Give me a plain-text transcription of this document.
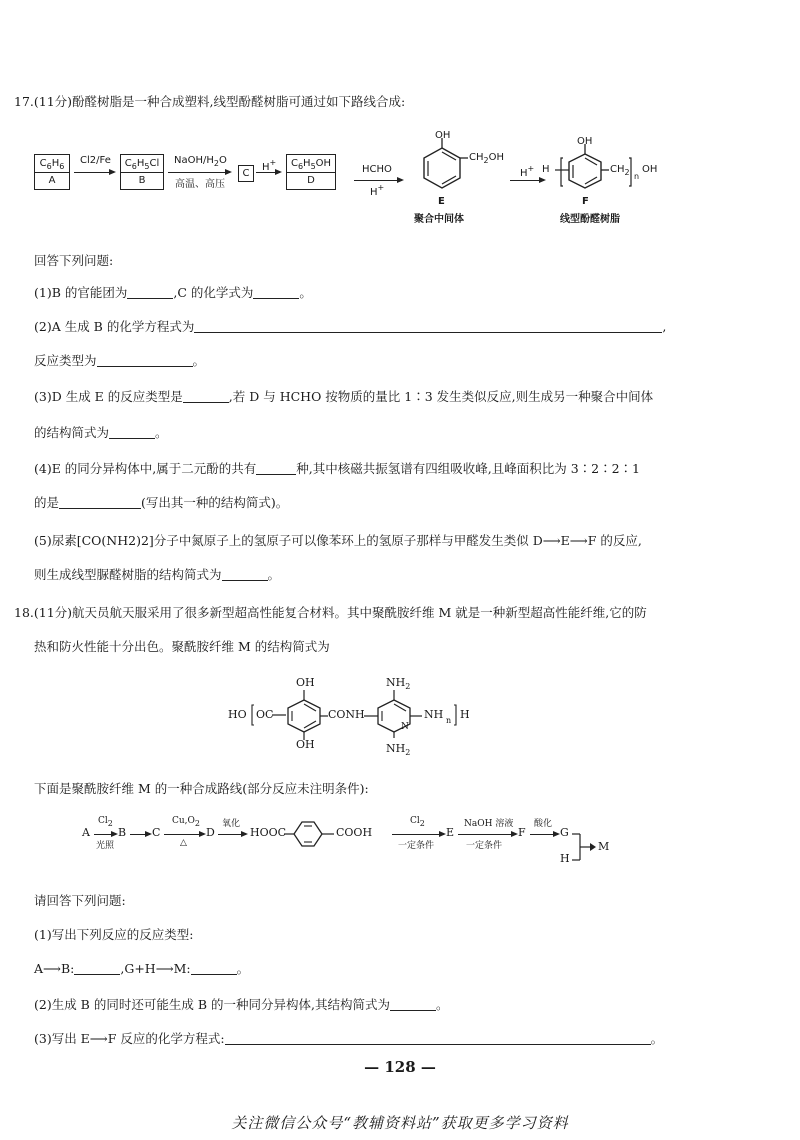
17.(11分)酚醛树脂是一种合成塑料,线型酚醛树脂可通过如下路线合成:
$C_6H_6$
A
Cl2/Fe	$C_6H_5Cl$
B
NaOH/$H_2O$
高温、高压
C
H+	$C_6H_5OH$
D
HCHO
H+
OH
$CH_2OH$
E
聚合中间体
H+ H
OH
$CH_2$ n
OH
F
线型酚醛树脂
回答下列问题:
(1)B 的官能团为	,C 的化学式为	。
(2)A 生成 B 的化学方程式为	,
反应类型为	。
(3)D 生成 E 的反应类型是	,若 D 与 HCHO 按物质的量比 1∶3 发生类似反应,则生成另一种聚合中间体
的结构简式为	。
(4)E 的同分异构体中,属于二元酚的共有	种,其中核磁共振氢谱有四组吸收峰,且峰面积比为 3∶2∶2∶1
的是	(写出其一种的结构简式)。
(5)尿素[CO(NH2)2]分子中氮原子上的氢原子可以像苯环上的氢原子那样与甲醛发生类似 D⟶E⟶F 的反应,
则生成线型脲醛树脂的结构简式为	。
18.(11分)航天员航天服采用了很多新型超高性能复合材料。其中聚酰胺纤维 M 就是一种新型超高性能纤维,它的防
热和防火性能十分出色。聚酰胺纤维 M 的结构简式为
HO OC
OH
OH
CONH
$NH_2$
N
$NH_2$
NH n H
下面是聚酰胺纤维 M 的一种合成路线(部分反应未注明条件):
A
Cl2
光照
B C
Cu,O2
△
D
氧化
HOOC	COOH
Cl2
一定条件
E
NaOH 溶液
一定条件
F
酸化
G
H
M
请回答下列问题:
(1)写出下列反应的反应类型:
A⟶B:	,G+H⟶M:	。
(2)生成 B 的同时还可能生成 B 的一种同分异构体,其结构简式为	。
(3)写出 E⟶F 反应的化学方程式:	。
— 128 —
关注微信公众号“教辅资料站”获取更多学习资料
